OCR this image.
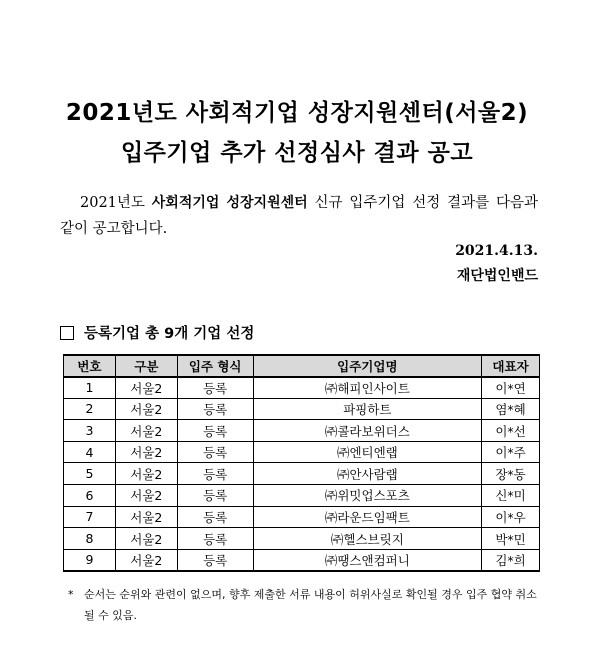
2021년도 사회적기업 성장지원센터(서울2)
입주기업 추가 선정심사 결과 공고
2021년도 사회적기업 성장지원센터 신규 입주기업 선정 결과를 다음과 같이 공고합니다.
2021.4.13.
재단법인밴드
등록기업 총 9개 기업 선정
번호	구분	입주 형식	입주기업명	대표자
1	서울2	등록	㈜해피인사이트	이*연
2	서울2	등록	파핑하트	염*혜
3	서울2	등록	㈜콜라보위더스	이*선
4	서울2	등록	㈜엔티엔랩	이*주
5	서울2	등록	㈜안사람랩	장*동
6	서울2	등록	㈜위밋업스포츠	신*미
7	서울2	등록	㈜라운드임팩트	이*우
8	서울2	등록	㈜헬스브릿지	박*민
9	서울2	등록	㈜땡스앤컴퍼니	김*희
* 순서는 순위와 관련이 없으며, 향후 제출한 서류 내용이 허위사실로 확인될 경우 입주 협약 취소
될 수 있음.
